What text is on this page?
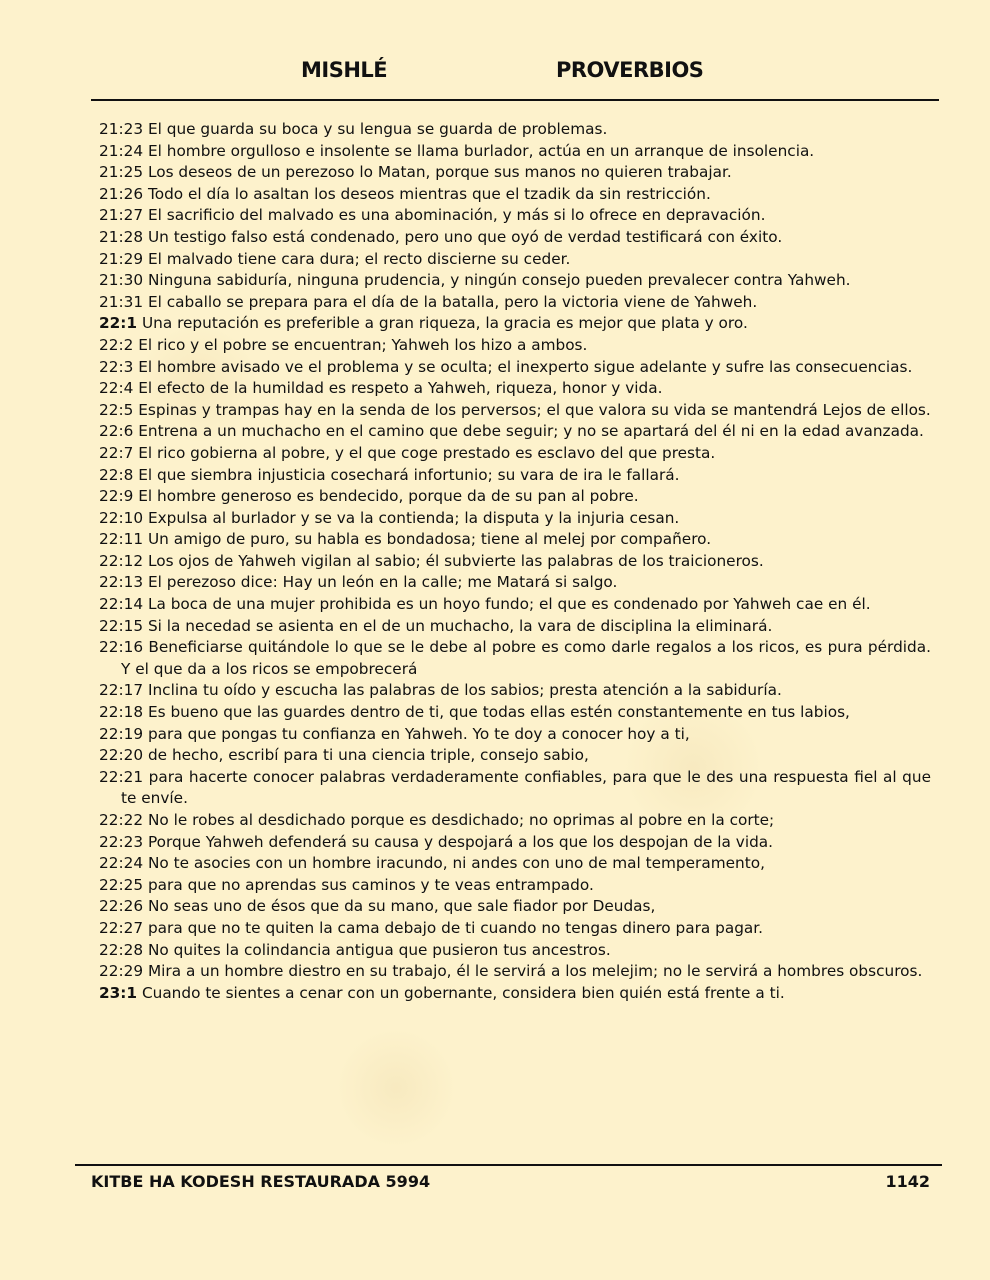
MISHLÉ	PROVERBIOS
21:23 El que guarda su boca y su lengua se guarda de problemas.
21:24 El hombre orgulloso e insolente se llama burlador, actúa en un arranque de insolencia.
21:25 Los deseos de un perezoso lo Matan, porque sus manos no quieren trabajar.
21:26 Todo el día lo asaltan los deseos mientras que el tzadik da sin restricción.
21:27 El sacrificio del malvado es una abominación, y más si lo ofrece en depravación.
21:28 Un testigo falso está condenado, pero uno que oyó de verdad testificará con éxito.
21:29 El malvado tiene cara dura; el recto discierne su ceder.
21:30 Ninguna sabiduría, ninguna prudencia, y ningún consejo pueden prevalecer contra Yahweh.
21:31 El caballo se prepara para el día de la batalla, pero la victoria viene de Yahweh.
22:1 Una reputación es preferible a gran riqueza, la gracia es mejor que plata y oro.
22:2 El rico y el pobre se encuentran; Yahweh los hizo a ambos.
22:3 El hombre avisado ve el problema y se oculta; el inexperto sigue adelante y sufre las consecuencias.
22:4 El efecto de la humildad es respeto a Yahweh, riqueza, honor y vida.
22:5 Espinas y trampas hay en la senda de los perversos; el que valora su vida se mantendrá Lejos de ellos.
22:6 Entrena a un muchacho en el camino que debe seguir; y no se apartará del él ni en la edad avanzada.
22:7 El rico gobierna al pobre, y el que coge prestado es esclavo del que presta.
22:8 El que siembra injusticia cosechará infortunio; su vara de ira le fallará.
22:9 El hombre generoso es bendecido, porque da de su pan al pobre.
22:10 Expulsa al burlador y se va la contienda; la disputa y la injuria cesan.
22:11 Un amigo de puro, su habla es bondadosa; tiene al melej por compañero.
22:12 Los ojos de Yahweh vigilan al sabio; él subvierte las palabras de los traicioneros.
22:13 El perezoso dice: Hay un león en la calle; me Matará si salgo.
22:14 La boca de una mujer prohibida es un hoyo fundo; el que es condenado por Yahweh cae en él.
22:15 Si la necedad se asienta en el de un muchacho, la vara de disciplina la eliminará.
22:16 Beneficiarse quitándole lo que se le debe al pobre es como darle regalos a los ricos, es pura pérdida. Y el que da a los ricos se empobrecerá
22:17 Inclina tu oído y escucha las palabras de los sabios; presta atención a la sabiduría.
22:18 Es bueno que las guardes dentro de ti, que todas ellas estén constantemente en tus labios,
22:19 para que pongas tu confianza en Yahweh. Yo te doy a conocer hoy a ti,
22:20 de hecho, escribí para ti una ciencia triple, consejo sabio,
22:21 para hacerte conocer palabras verdaderamente confiables, para que le des una respuesta fiel al que te envíe.
22:22 No le robes al desdichado porque es desdichado; no oprimas al pobre en la corte;
22:23 Porque Yahweh defenderá su causa y despojará a los que los despojan de la vida.
22:24 No te asocies con un hombre iracundo, ni andes con uno de mal temperamento,
22:25 para que no aprendas sus caminos y te veas entrampado.
22:26 No seas uno de ésos que da su mano, que sale fiador por Deudas,
22:27 para que no te quiten la cama debajo de ti cuando no tengas dinero para pagar.
22:28 No quites la colindancia antigua que pusieron tus ancestros.
22:29 Mira a un hombre diestro en su trabajo, él le servirá a los melejim; no le servirá a hombres obscuros.
23:1 Cuando te sientes a cenar con un gobernante, considera bien quién está frente a ti.
KITBE HA KODESH RESTAURADA 5994	1142
